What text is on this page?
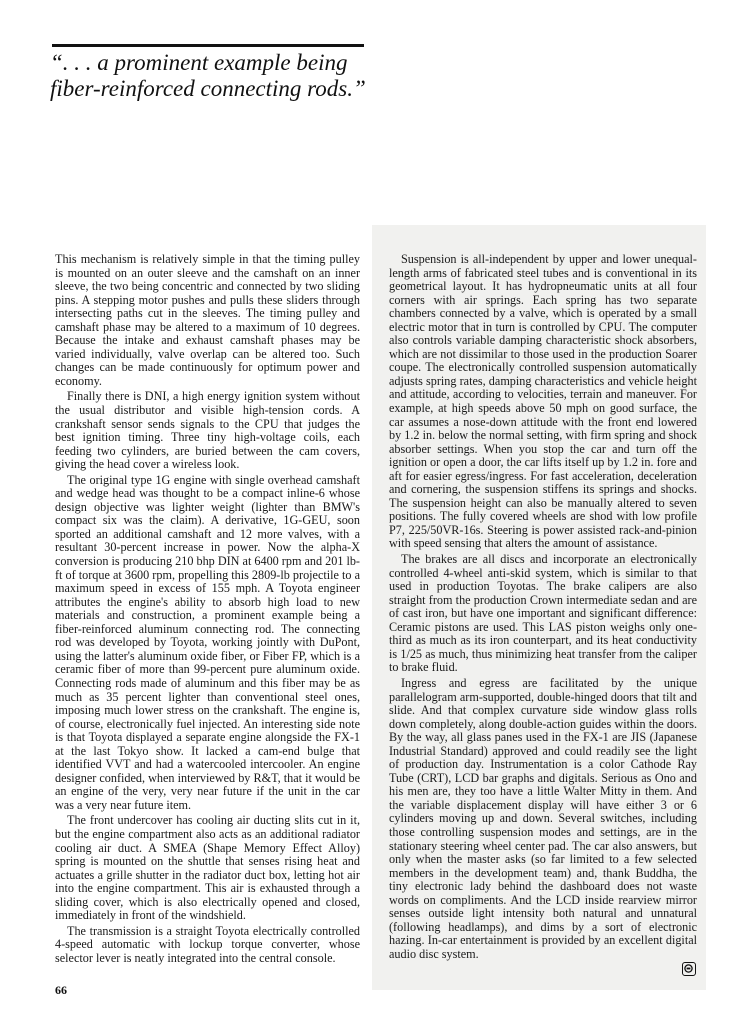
“. . . a prominent example being fiber-reinforced connecting rods.”

This mechanism is relatively simple in that the timing pulley is mounted on an outer sleeve and the camshaft on an inner sleeve, the two being concentric and connected by two sliding pins. A stepping motor pushes and pulls these sliders through intersecting paths cut in the sleeves. The timing pulley and camshaft phase may be altered to a maximum of 10 degrees. Because the intake and exhaust camshaft phases may be varied individually, valve overlap can be altered too. Such changes can be made continuously for optimum power and economy.

Finally there is DNI, a high energy ignition system without the usual distributor and visible high-tension cords. A crankshaft sensor sends signals to the CPU that judges the best ignition timing. Three tiny high-voltage coils, each feeding two cylinders, are buried between the cam covers, giving the head cover a wireless look.

The original type 1G engine with single overhead camshaft and wedge head was thought to be a compact inline-6 whose design objective was lighter weight (lighter than BMW's compact six was the claim). A derivative, 1G-GEU, soon sported an additional camshaft and 12 more valves, with a resultant 30-percent increase in power. Now the alpha-X conversion is producing 210 bhp DIN at 6400 rpm and 201 lb-ft of torque at 3600 rpm, propelling this 2809-lb projectile to a maximum speed in excess of 155 mph. A Toyota engineer attributes the engine's ability to absorb high load to new materials and construction, a prominent example being a fiber-reinforced aluminum connecting rod. The connecting rod was developed by Toyota, working jointly with DuPont, using the latter's aluminum oxide fiber, or Fiber FP, which is a ceramic fiber of more than 99-percent pure aluminum oxide. Connecting rods made of aluminum and this fiber may be as much as 35 percent lighter than conventional steel ones, imposing much lower stress on the crankshaft. The engine is, of course, electronically fuel injected. An interesting side note is that Toyota displayed a separate engine alongside the FX-1 at the last Tokyo show. It lacked a cam-end bulge that identified VVT and had a watercooled intercooler. An engine designer confided, when interviewed by R&T, that it would be an engine of the very, very near future if the unit in the car was a very near future item.

The front undercover has cooling air ducting slits cut in it, but the engine compartment also acts as an additional radiator cooling air duct. A SMEA (Shape Memory Effect Alloy) spring is mounted on the shuttle that senses rising heat and actuates a grille shutter in the radiator duct box, letting hot air into the engine compartment. This air is exhausted through a sliding cover, which is also electrically opened and closed, immediately in front of the windshield.

The transmission is a straight Toyota electrically controlled 4-speed automatic with lockup torque converter, whose selector lever is neatly integrated into the central console.

Suspension is all-independent by upper and lower unequal-length arms of fabricated steel tubes and is conventional in its geometrical layout. It has hydropneumatic units at all four corners with air springs. Each spring has two separate chambers connected by a valve, which is operated by a small electric motor that in turn is controlled by CPU. The computer also controls variable damping characteristic shock absorbers, which are not dissimilar to those used in the production Soarer coupe. The electronically controlled suspension automatically adjusts spring rates, damping characteristics and vehicle height and attitude, according to velocities, terrain and maneuver. For example, at high speeds above 50 mph on good surface, the car assumes a nose-down attitude with the front end lowered by 1.2 in. below the normal setting, with firm spring and shock absorber settings. When you stop the car and turn off the ignition or open a door, the car lifts itself up by 1.2 in. fore and aft for easier egress/ingress. For fast acceleration, deceleration and cornering, the suspension stiffens its springs and shocks. The suspension height can also be manually altered to seven positions. The fully covered wheels are shod with low profile P7, 225/50VR-16s. Steering is power assisted rack-and-pinion with speed sensing that alters the amount of assistance.

The brakes are all discs and incorporate an electronically controlled 4-wheel anti-skid system, which is similar to that used in production Toyotas. The brake calipers are also straight from the production Crown intermediate sedan and are of cast iron, but have one important and significant difference: Ceramic pistons are used. This LAS piston weighs only one-third as much as its iron counterpart, and its heat conductivity is 1/25 as much, thus minimizing heat transfer from the caliper to brake fluid.

Ingress and egress are facilitated by the unique parallelogram arm-supported, double-hinged doors that tilt and slide. And that complex curvature side window glass rolls down completely, along double-action guides within the doors. By the way, all glass panes used in the FX-1 are JIS (Japanese Industrial Standard) approved and could readily see the light of production day. Instrumentation is a color Cathode Ray Tube (CRT), LCD bar graphs and digitals. Serious as Ono and his men are, they too have a little Walter Mitty in them. And the variable displacement display will have either 3 or 6 cylinders moving up and down. Several switches, including those controlling suspension modes and settings, are in the stationary steering wheel center pad. The car also answers, but only when the master asks (so far limited to a few selected members in the development team) and, thank Buddha, the tiny electronic lady behind the dashboard does not waste words on compliments. And the LCD inside rearview mirror senses outside light intensity both natural and unnatural (following headlamps), and dims by a sort of electronic hazing. In-car entertainment is provided by an excellent digital audio disc system.

66
